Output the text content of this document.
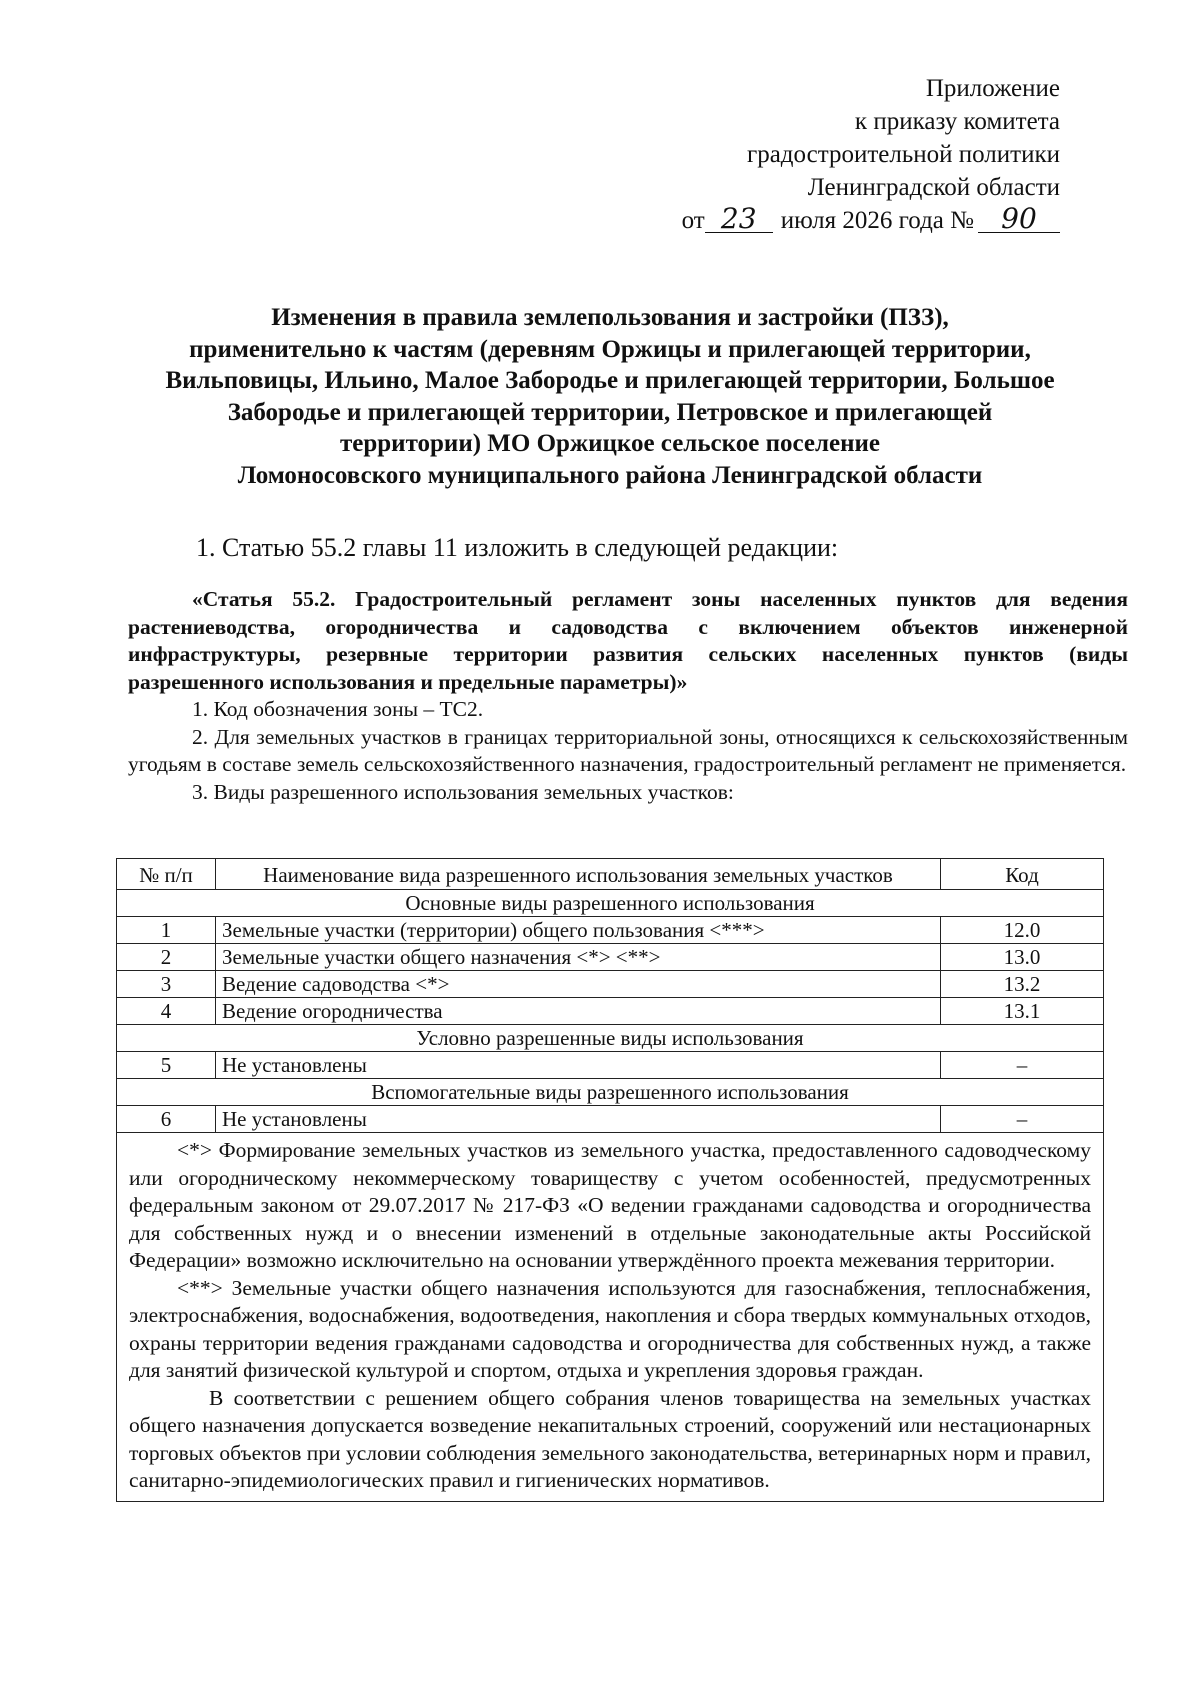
Приложение
к приказу комитета
градостроительной политики
Ленинградской области
от 23 июля 2026 года № 90
Изменения в правила землепользования и застройки (ПЗЗ),
применительно к частям (деревням Оржицы и прилегающей территории,
Вильповицы, Ильино, Малое Забородье и прилегающей территории, Большое
Забородье и прилегающей территории, Петровское и прилегающей
территории) МО Оржицкое сельское поселение
Ломоносовского муниципального района Ленинградской области
1. Статью 55.2 главы 11 изложить в следующей редакции:

«Статья 55.2. Градостроительный регламент зоны населенных пунктов для ведения растениеводства, огородничества и садоводства с включением объектов инженерной инфраструктуры, резервные территории развития сельских населенных пунктов (виды разрешенного использования и предельные параметры)»

1. Код обозначения зоны – ТС2.

2. Для земельных участков в границах территориальной зоны, относящихся к сельскохозяйственным угодьям в составе земель сельскохозяйственного назначения, градостроительный регламент не применяется.

3. Виды разрешенного использования земельных участков:

№ п/п	Наименование вида разрешенного использования земельных участков	Код
Основные виды разрешенного использования		
1	Земельные участки (территории) общего пользования <***>	12.0
2	Земельные участки общего назначения <*> <**>	13.0
3	Ведение садоводства <*>	13.2
4	Ведение огородничества	13.1
Условно разрешенные виды использования		
5	Не установлены	–
Вспомогательные виды разрешенного использования		
6	Не установлены	–

<*> Формирование земельных участков из земельного участка, предоставленного садоводческому или огородническому некоммерческому товариществу с учетом особенностей, предусмотренных федеральным законом от 29.07.2017 № 217-ФЗ «О ведении гражданами садоводства и огородничества для собственных нужд и о внесении изменений в отдельные законодательные акты Российской Федерации» возможно исключительно на основании утверждённого проекта межевания территории.

<**> Земельные участки общего назначения используются для газоснабжения, теплоснабжения, электроснабжения, водоснабжения, водоотведения, накопления и сбора твердых коммунальных отходов, охраны территории ведения гражданами садоводства и огородничества для собственных нужд, а также для занятий физической культурой и спортом, отдыха и укрепления здоровья граждан.

В соответствии с решением общего собрания членов товарищества на земельных участках общего назначения допускается возведение некапитальных строений, сооружений или нестационарных торговых объектов при условии соблюдения земельного законодательства, ветеринарных норм и правил, санитарно-эпидемиологических правил и гигиенических нормативов.		
